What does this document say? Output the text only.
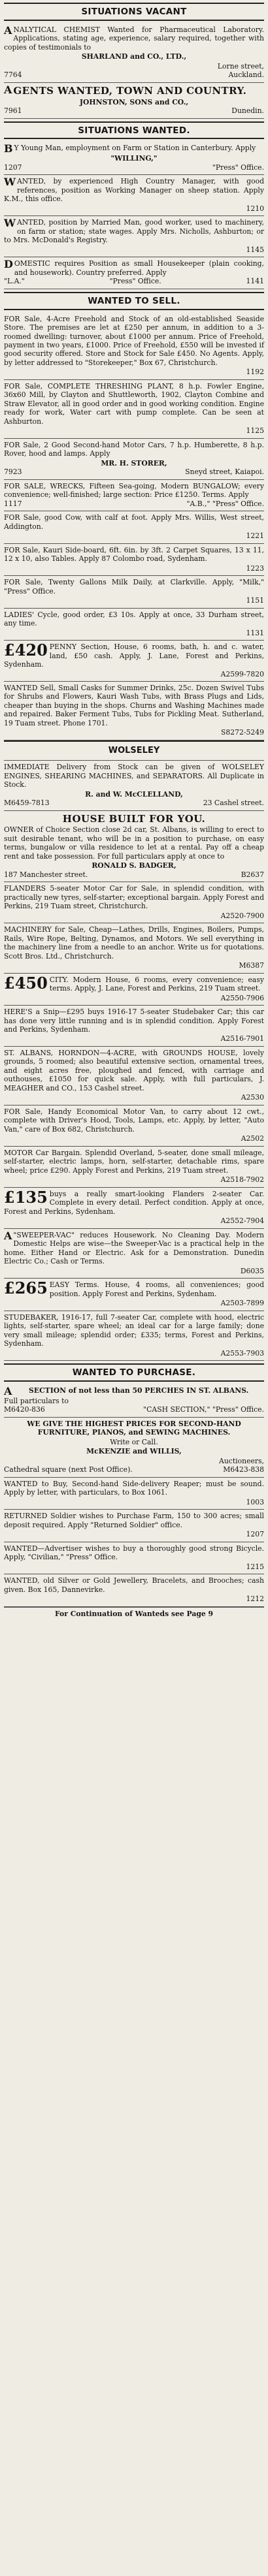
SITUATIONS VACANT
A NALYTICAL CHEMIST Wanted for Pharmaceutical Laboratory. Applications, stating age, experience, salary required, together with copies of testimonials to

SHARLAND and CO., LTD.,

Lorne street,

7764	Auckland.
A GENTS WANTED, TOWN AND COUNTRY.

JOHNSTON, SONS and CO.,

7961	Dunedin.
SITUATIONS WANTED.
B Y Young Man, employment on Farm or Station in Canterbury. Apply

"WILLING,"

1207	"Press" Office.
W ANTED, by experienced High Country Manager, with good references, position as Working Manager on sheep station. Apply K.M., this office.

1210

W ANTED, position by Married Man, good worker, used to machinery, on farm or station; state wages. Apply Mrs. Nicholls, Ashburton; or to Mrs. McDonald's Registry.

1145

D OMESTIC requires Position as small Housekeeper (plain cooking, and housework). Country preferred. Apply

"L.A."	"Press" Office.	1141
WANTED TO SELL.

FOR Sale, 4-Acre Freehold and Stock of an old-established Seaside Store. The premises are let at £250 per annum, in addition to a 3-roomed dwelling: turnover, about £1000 per annum. Price of Freehold, payment in two years, £1000. Price of Freehold, £550 will be invested if good security offered. Store and Stock for Sale £450. No Agents. Apply, by letter addressed to "Storekeeper," Box 67, Christchurch.

1192

FOR Sale, COMPLETE THRESHING PLANT, 8 h.p. Fowler Engine, 36x60 Mill, by Clayton and Shuttleworth, 1902, Clayton Combine and Straw Elevator, all in good order and in good working condition. Engine ready for work, Water cart with pump complete. Can be seen at Ashburton.

1125

FOR Sale, 2 Good Second-hand Motor Cars, 7 h.p. Humberette, 8 h.p. Rover, hood and lamps. Apply

MR. H. STORER,

7923	Sneyd street, Kaiapoi.

FOR SALE, WRECKS, Fifteen Sea-going, Modern BUNGALOW; every convenience; well-finished; large section: Price £1250. Terms. Apply

1117	"A.B.," "Press" Office.

FOR Sale, good Cow, with calf at foot. Apply Mrs. Willis, West street, Addington.

1221

FOR Sale, Kauri Side-board, 6ft. 6in. by 3ft. 2 Carpet Squares, 13 x 11, 12 x 10, also Tables. Apply 87 Colombo road, Sydenham.

1223

FOR Sale, Twenty Gallons Milk Daily, at Clarkville. Apply, "Milk," "Press" Office.

1151

LADIES' Cycle, good order, £3 10s. Apply at once, 33 Durham street, any time.

1131

£420 PENNY Section, House, 6 rooms, bath, h. and c. water, land, £50 cash. Apply, J. Lane, Forest and Perkins, Sydenham.

A2599-7820

WANTED Sell, Small Casks for Summer Drinks, 25c. Dozen Swivel Tubs for Shrubs and Flowers, Kauri Wash Tubs, with Brass Plugs and Lids, cheaper than buying in the shops. Churns and Washing Machines made and repaired. Baker Ferment Tubs, Tubs for Pickling Meat. Sutherland, 19 Tuam street. Phone 1701.

S8272-5249

WOLSELEY

IMMEDIATE Delivery from Stock can be given of WOLSELEY ENGINES, SHEARING MACHINES, and SEPARATORS. All Duplicate in Stock.

R. and W. McCLELLAND,

M6459-7813	23 Cashel street.

HOUSE BUILT FOR YOU.

OWNER of Choice Section close 2d car, St. Albans, is willing to erect to suit desirable tenant, who will be in a position to purchase, on easy terms, bungalow or villa residence to let at a rental. Pay off a cheap rent and take possession. For full particulars apply at once to

RONALD S. BADGER,

187 Manchester street.	B2637

FLANDERS 5-seater Motor Car for Sale, in splendid condition, with practically new tyres, self-starter; exceptional bargain. Apply Forest and Perkins, 219 Tuam street, Christchurch.

A2520-7900

MACHINERY for Sale, Cheap—Lathes, Drills, Engines, Boilers, Pumps, Rails, Wire Rope, Belting, Dynamos, and Motors. We sell everything in the machinery line from a needle to an anchor. Write us for quotations. Scott Bros. Ltd., Christchurch.

M6387

£450 CITY. Modern House, 6 rooms, every convenience; easy terms. Apply, J. Lane, Forest and Perkins, 219 Tuam street.

A2550-7906

HERE'S a Snip—£295 buys 1916-17 5-seater Studebaker Car; this car has done very little running and is in splendid condition. Apply Forest and Perkins, Sydenham.

A2516-7901

ST. ALBANS, HORNDON—4-ACRE, with GROUNDS HOUSE, lovely grounds, 5 roomed; also beautiful extensive section, ornamental trees, and eight acres free, ploughed and fenced, with carriage and outhouses, £1050 for quick sale. Apply, with full particulars, J. MEAGHER and CO., 153 Cashel street.

A2530

FOR Sale, Handy Economical Motor Van, to carry about 12 cwt., complete with Driver's Hood, Tools, Lamps, etc. Apply, by letter, "Auto Van," care of Box 682, Christchurch.

A2502

MOTOR Car Bargain. Splendid Overland, 5-seater, done small mileage, self-starter, electric lamps, horn, self-starter, detachable rims, spare wheel; price £290. Apply Forest and Perkins, 219 Tuam street.

A2518-7902

£135 buys a really smart-looking Flanders 2-seater Car. Complete in every detail. Perfect condition. Apply at once, Forest and Perkins, Sydenham.

A2552-7904

A "SWEEPER-VAC" reduces Housework. No Cleaning Day. Modern Domestic Helps are wise—the Sweeper-Vac is a practical help in the home. Either Hand or Electric. Ask for a Demonstration. Dunedin Electric Co.; Cash or Terms.

D6035

£265 EASY Terms. House, 4 rooms, all conveniences; good position. Apply Forest and Perkins, Sydenham.

A2503-7899

STUDEBAKER, 1916-17, full 7-seater Car, complete with hood, electric lights, self-starter, spare wheel; an ideal car for a large family; done very small mileage; splendid order; £335; terms, Forest and Perkins, Sydenham.

A2553-7903

WANTED TO PURCHASE.
A	SECTION of not less than 50 PERCHES IN ST. ALBANS.

Full particulars to

M6420-836	"CASH SECTION," "Press" Office.

WE GIVE THE HIGHEST PRICES FOR SECOND-HAND FURNITURE, PIANOS, and SEWING MACHINES.

Write or Call.

McKENZIE and WILLIS,

Auctioneers,

Cathedral square (next Post Office).	M6423-838

WANTED to Buy, Second-hand Side-delivery Reaper; must be sound. Apply by letter, with particulars, to Box 1061.

1003

RETURNED Soldier wishes to Purchase Farm, 150 to 300 acres; small deposit required. Apply "Returned Soldier" office.

1207

WANTED—Advertiser wishes to buy a thoroughly good strong Bicycle. Apply, "Civilian," "Press" Office.

1215

WANTED, old Silver or Gold Jewellery, Bracelets, and Brooches; cash given. Box 165, Dannevirke.

1212

For Continuation of Wanteds see Page 9
